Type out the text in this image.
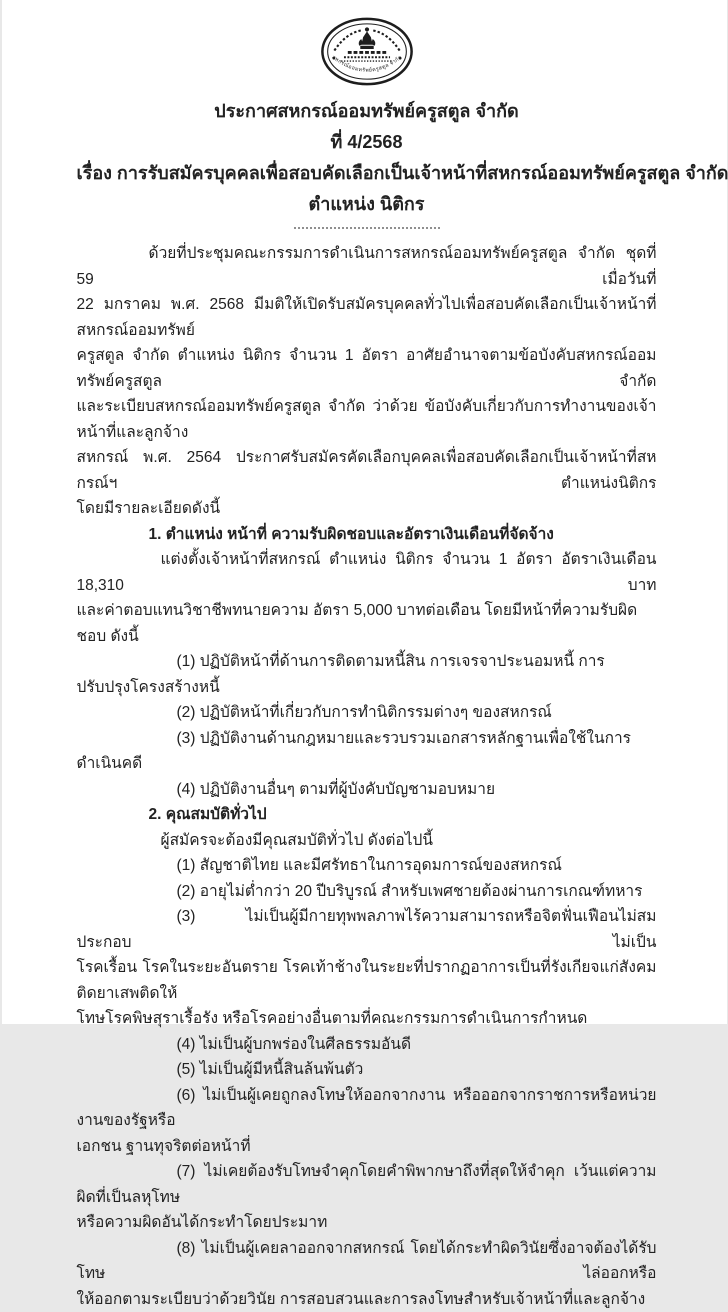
สหกรณ์ออมทรัพย์ครูสตูล จำกัด
ประกาศสหกรณ์ออมทรัพย์ครูสตูล จำกัด
ที่ 4/2568
เรื่อง การรับสมัครบุคคลเพื่อสอบคัดเลือกเป็นเจ้าหน้าที่สหกรณ์ออมทรัพย์ครูสตูล จำกัด
ตำแหน่ง นิติกร
ด้วยที่ประชุมคณะกรรมการดำเนินการสหกรณ์ออมทรัพย์ครูสตูล จำกัด ชุดที่ 59 เมื่อวันที่
22 มกราคม พ.ศ. 2568 มีมติให้เปิดรับสมัครบุคคลทั่วไปเพื่อสอบคัดเลือกเป็นเจ้าหน้าที่สหกรณ์ออมทรัพย์
ครูสตูล จำกัด ตำแหน่ง นิติกร จำนวน 1 อัตรา อาศัยอำนาจตามข้อบังคับสหกรณ์ออมทรัพย์ครูสตูล จำกัด
และระเบียบสหกรณ์ออมทรัพย์ครูสตูล จำกัด ว่าด้วย ข้อบังคับเกี่ยวกับการทำงานของเจ้าหน้าที่และลูกจ้าง
สหกรณ์ พ.ศ. 2564 ประกาศรับสมัครคัดเลือกบุคคลเพื่อสอบคัดเลือกเป็นเจ้าหน้าที่สหกรณ์ฯ ตำแหน่งนิติกร
โดยมีรายละเอียดดังนี้
1. ตำแหน่ง หน้าที่ ความรับผิดชอบและอัตราเงินเดือนที่จัดจ้าง
แต่งตั้งเจ้าหน้าที่สหกรณ์ ตำแหน่ง นิติกร จำนวน 1 อัตรา อัตราเงินเดือน 18,310 บาท
และค่าตอบแทนวิชาชีพทนายความ อัตรา 5,000 บาทต่อเดือน โดยมีหน้าที่ความรับผิดชอบ ดังนี้
(1) ปฏิบัติหน้าที่ด้านการติดตามหนี้สิน การเจรจาประนอมหนี้ การปรับปรุงโครงสร้างหนี้
(2) ปฏิบัติหน้าที่เกี่ยวกับการทำนิติกรรมต่างๆ ของสหกรณ์
(3) ปฏิบัติงานด้านกฎหมายและรวบรวมเอกสารหลักฐานเพื่อใช้ในการดำเนินคดี
(4) ปฏิบัติงานอื่นๆ ตามที่ผู้บังคับบัญชามอบหมาย
2. คุณสมบัติทั่วไป
ผู้สมัครจะต้องมีคุณสมบัติทั่วไป ดังต่อไปนี้
(1) สัญชาติไทย และมีศรัทธาในการอุดมการณ์ของสหกรณ์
(2) อายุไม่ต่ำกว่า 20 ปีบริบูรณ์ สำหรับเพศชายต้องผ่านการเกณฑ์ทหาร
(3) ไม่เป็นผู้มีกายทุพพลภาพไร้ความสามารถหรือจิตฟั่นเฟือนไม่สมประกอบ ไม่เป็น
โรคเรื้อน โรคในระยะอันตราย โรคเท้าช้างในระยะที่ปรากฏอาการเป็นที่รังเกียจแก่สังคม ติดยาเสพติดให้
โทษโรคพิษสุราเรื้อรัง หรือโรคอย่างอื่นตามที่คณะกรรมการดำเนินการกำหนด
(4) ไม่เป็นผู้บกพร่องในศีลธรรมอันดี
(5) ไม่เป็นผู้มีหนี้สินล้นพ้นตัว
(6) ไม่เป็นผู้เคยถูกลงโทษให้ออกจากงาน หรือออกจากราชการหรือหน่วยงานของรัฐหรือ
เอกชน ฐานทุจริตต่อหน้าที่
(7) ไม่เคยต้องรับโทษจำคุกโดยคำพิพากษาถึงที่สุดให้จำคุก เว้นแต่ความผิดที่เป็นลหุโทษ
หรือความผิดอันได้กระทำโดยประมาท
(8) ไม่เป็นผู้เคยลาออกจากสหกรณ์ โดยได้กระทำผิดวินัยซึ่งอาจต้องได้รับโทษ ไล่ออกหรือ
ให้ออกตามระเบียบว่าด้วยวินัย การสอบสวนและการลงโทษสำหรับเจ้าหน้าที่และลูกจ้าง
